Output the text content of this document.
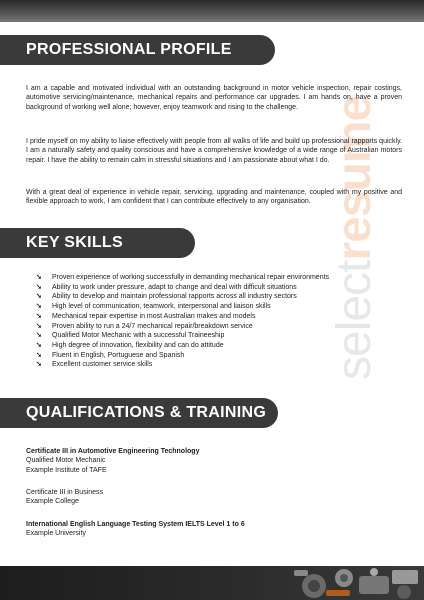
selectresume
PROFESSIONAL PROFILE

I am a capable and motivated individual with an outstanding background in motor vehicle inspection, repair costings, automotive servicing/maintenance, mechanical repairs and performance car upgrades. I am hands on, have a proven background of working well alone; however, enjoy teamwork and rising to the challenge.

I pride myself on my ability to liaise effectively with people from all walks of life and build up professional rapports quickly. I am a naturally safety and quality conscious and have a comprehensive knowledge of a wide range of Australian motors repair. I have the ability to remain calm in stressful situations and I am passionate about what I do.

With a great deal of experience in vehicle repair, servicing, upgrading and maintenance, coupled with my positive and flexible approach to work, I am confident that I can contribute effectively to any organisation.

KEY SKILLS
➘	Proven experience of working successfully in demanding mechanical repair environments
➘	Ability to work under pressure, adapt to change and deal with difficult situations
➘	Ability to develop and maintain professional rapports across all industry sectors
➘	High level of communication, teamwork, interpersonal and liaison skills
➘	Mechanical repair expertise in most Australian makes and models
➘	Proven ability to run a 24/7 mechanical repair/breakdown service
➘	Qualified Motor Mechanic with a successful Traineeship
➘	High degree of innovation, flexibility and can do attitude
➘	Fluent in English, Portuguese and Spanish
➘	Excellent customer service skills
QUALIFICATIONS & TRAINING
Certificate III in Automotive Engineering Technology
Qualified Motor Mechanic
Example Institute of TAFE
Certificate III in Business
Example College
International English Language Testing System IELTS Level 1 to 6
Example University
